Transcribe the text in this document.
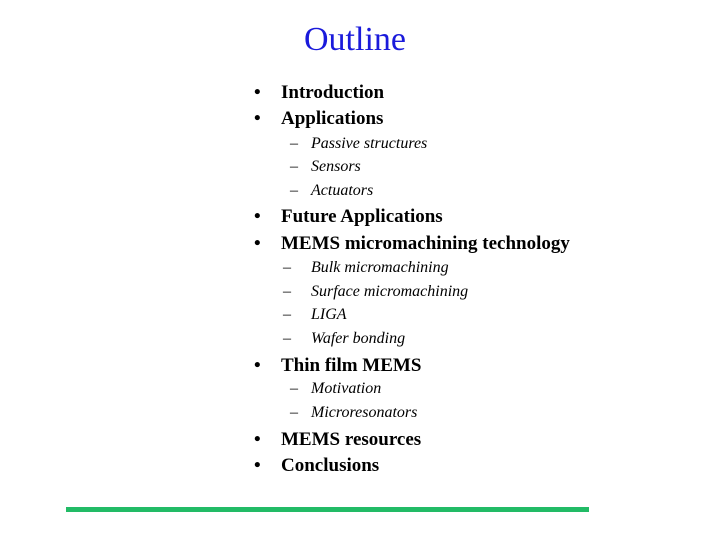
Outline
• Introduction
• Applications
– Passive structures
– Sensors
– Actuators
• Future Applications
• MEMS micromachining technology
– Bulk micromachining
– Surface micromachining
– LIGA
– Wafer bonding
• Thin film MEMS
– Motivation
– Microresonators
• MEMS resources
• Conclusions
